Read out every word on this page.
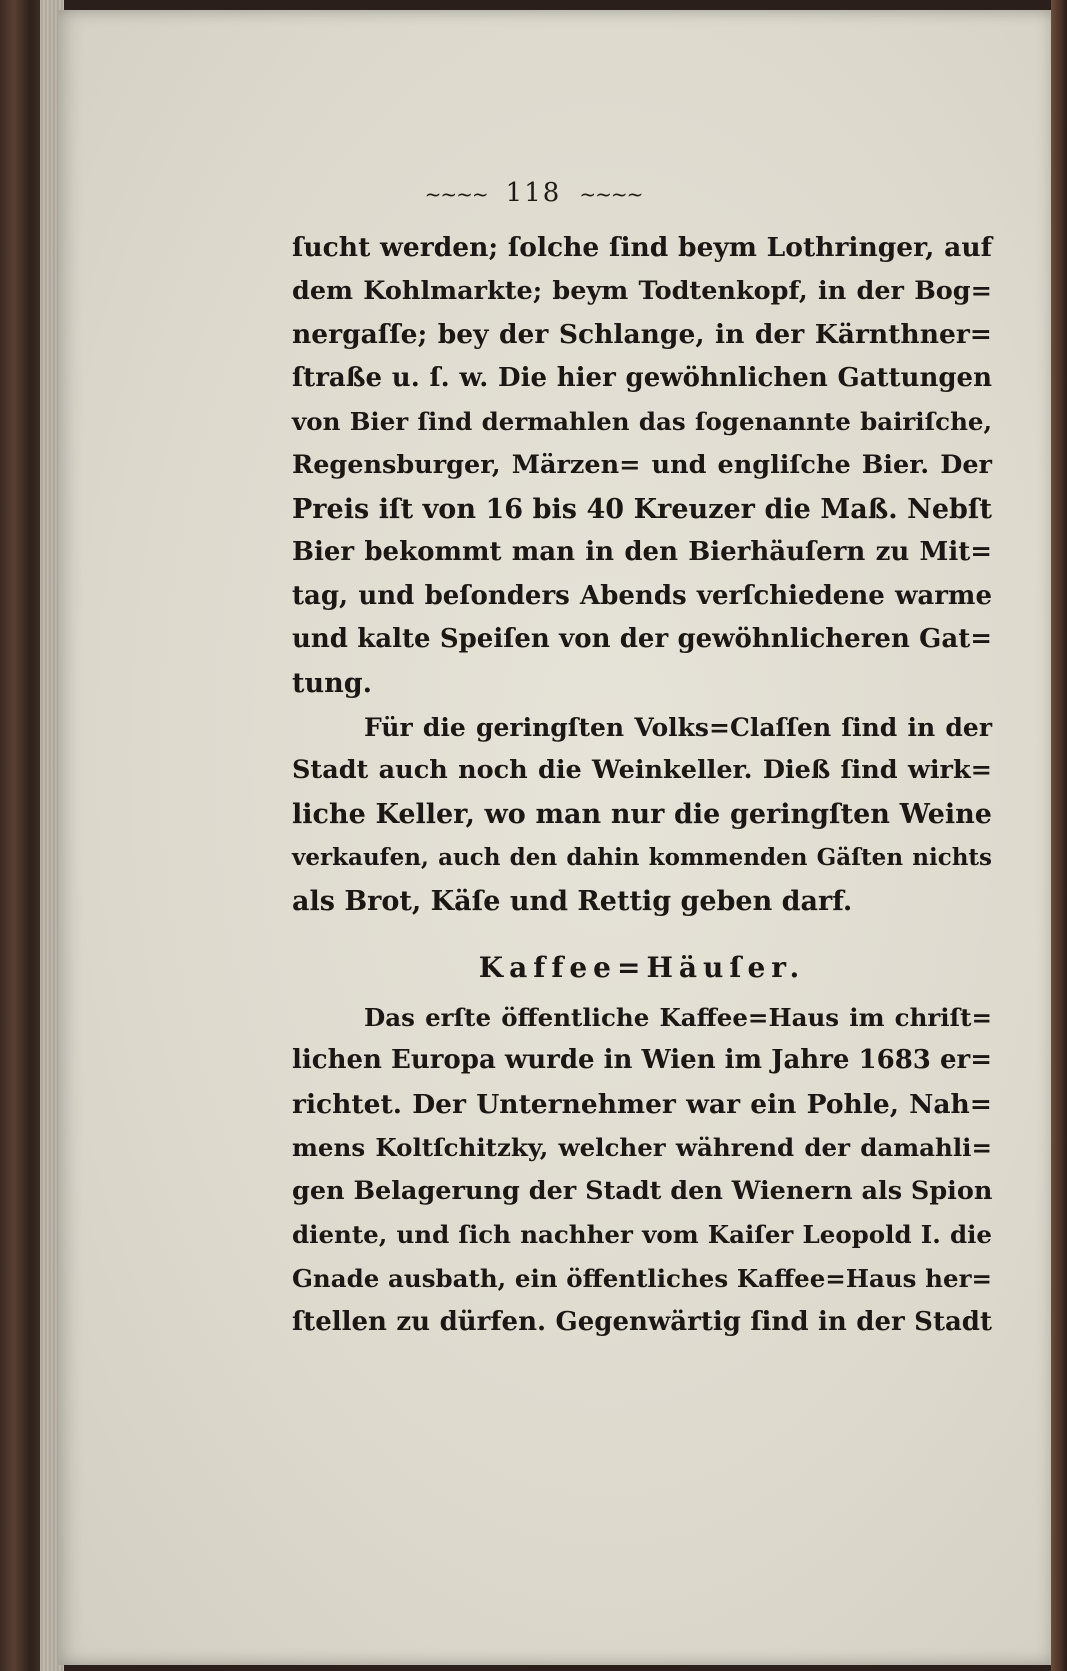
~~~~ 118 ~~~~
ſucht werden; ſolche ſind beym Lothringer, auf
dem Kohlmarkte; beym Todtenkopf, in der Bog=
nergaſſe; bey der Schlange, in der Kärnthner=
ſtraße u. ſ. w. Die hier gewöhnlichen Gattungen
von Bier ſind dermahlen das ſogenannte bairiſche,
Regensburger, Märzen= und engliſche Bier. Der
Preis iſt von 16 bis 40 Kreuzer die Maß. Nebſt
Bier bekommt man in den Bierhäuſern zu Mit=
tag, und beſonders Abends verſchiedene warme
und kalte Speiſen von der gewöhnlicheren Gat=
tung.
Für die geringſten Volks=Claſſen ſind in der
Stadt auch noch die Weinkeller. Dieß ſind wirk=
liche Keller, wo man nur die geringſten Weine
verkaufen, auch den dahin kommenden Gäſten nichts
als Brot, Käſe und Rettig geben darf.
Kaffee=Häuſer.
Das erſte öffentliche Kaffee=Haus im chriſt=
lichen Europa wurde in Wien im Jahre 1683 er=
richtet. Der Unternehmer war ein Pohle, Nah=
mens Koltſchitzky, welcher während der damahli=
gen Belagerung der Stadt den Wienern als Spion
diente, und ſich nachher vom Kaiſer Leopold I. die
Gnade ausbath, ein öffentliches Kaffee=Haus her=
ſtellen zu dürfen. Gegenwärtig ſind in der Stadt
